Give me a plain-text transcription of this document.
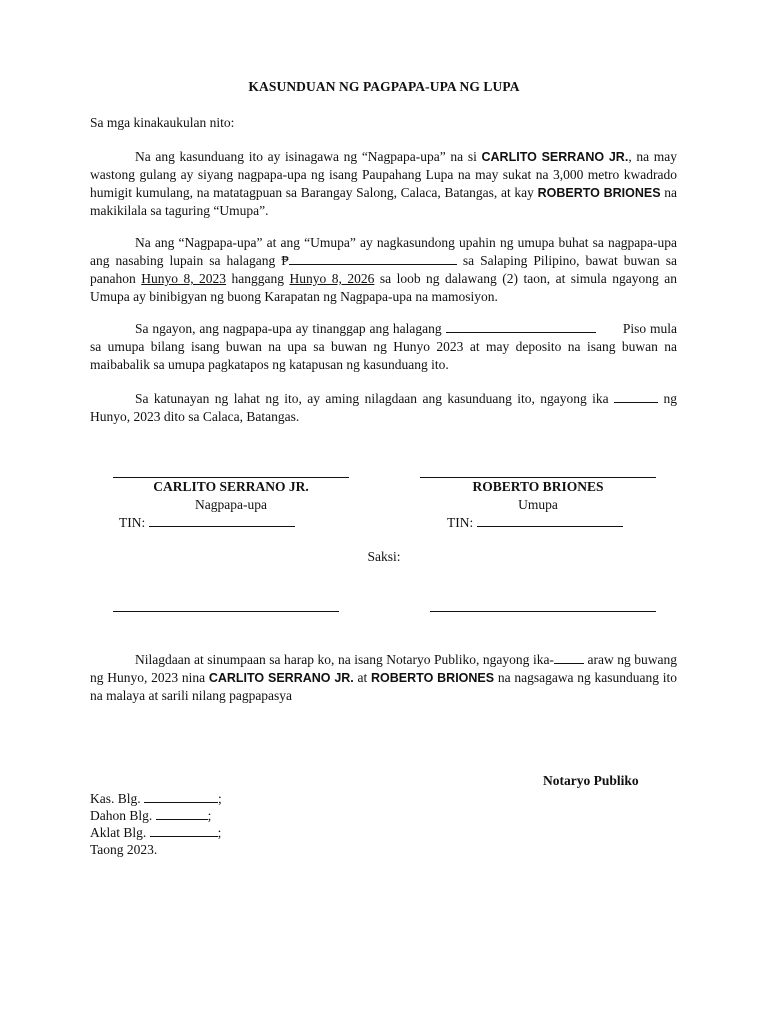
KASUNDUAN NG PAGPAPA-UPA NG LUPA
Sa mga kinakaukulan nito:

Na ang kasunduang ito ay isinagawa ng “Nagpapa-upa” na si CARLITO SERRANO JR., na may wastong gulang ay siyang nagpapa-upa ng isang Paupahang Lupa na may sukat na 3,000 metro kwadrado humigit kumulang, na matatagpuan sa Barangay Salong, Calaca, Batangas, at kay ROBERTO BRIONES na makikilala sa taguring “Umupa”.

Na ang “Nagpapa-upa” at ang “Umupa” ay nagkasundong upahin ng umupa buhat sa nagpapa-upa ang nasabing lupain sa halagang ₱	sa Salaping Pilipino, bawat buwan sa panahon Hunyo 8, 2023 hanggang Hunyo 8, 2026 sa loob ng dalawang (2) taon, at simula ngayong an Umupa ay binibigyan ng buong Karapatan ng Nagpapa-upa na mamosiyon.

Sa ngayon, ang nagpapa-upa ay tinanggap ang halagang	Piso mula sa umupa bilang isang buwan na upa sa buwan ng Hunyo 2023 at may deposito na isang buwan na maibabalik sa umupa pagkatapos ng katapusan ng kasunduang ito.

Sa katunayan ng lahat ng ito, ay aming nilagdaan ang kasunduang ito, ngayong ika	ng Hunyo, 2023 dito sa Calaca, Batangas.

CARLITO SERRANO JR.	ROBERTO BRIONES
Nagpapa-upa	Umupa
TIN:	TIN:
Saksi:

Nilagdaan at sinumpaan sa harap ko, na isang Notaryo Publiko, ngayong ika- araw ng buwang ng Hunyo, 2023 nina CARLITO SERRANO JR. at ROBERTO BRIONES na nagsagawa ng kasunduang ito na malaya at sarili nilang pagpapasya

Notaryo Publiko
Kas. Blg.	;
Dahon Blg.	;
Aklat Blg.	;
Taong 2023.
